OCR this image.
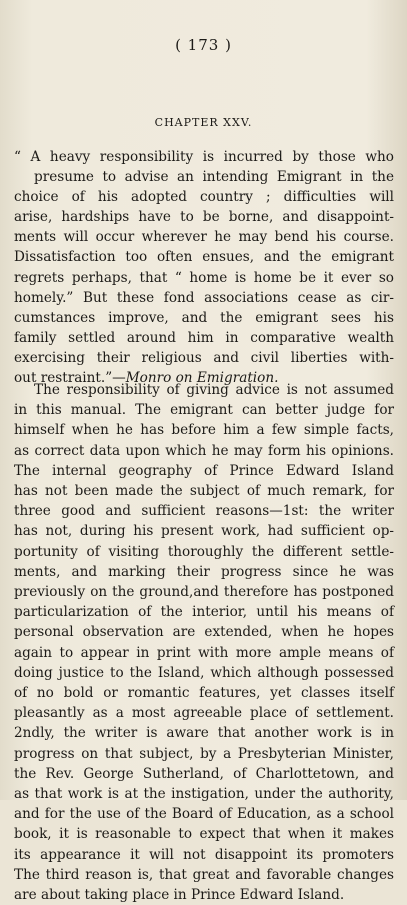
( 173 )
CHAPTER XXV.
“ A heavy responsibility is incurred by those who
presume to advise an intending Emigrant in the
choice of his adopted country ; difficulties will
arise, hardships have to be borne, and disappoint-
ments will occur wherever he may bend his course.
Dissatisfaction too often ensues, and the emigrant
regrets perhaps, that “ home is home be it ever so
homely.” But these fond associations cease as cir-
cumstances improve, and the emigrant sees his
family settled around him in comparative wealth
exercising their religious and civil liberties with-
out restraint.”—Monro on Emigration.
The responsibility of giving advice is not assumed
in this manual. The emigrant can better judge for
himself when he has before him a few simple facts,
as correct data upon which he may form his opinions.
The internal geography of Prince Edward Island
has not been made the subject of much remark, for
three good and sufficient reasons—1st: the writer
has not, during his present work, had sufficient op-
portunity of visiting thoroughly the different settle-
ments, and marking their progress since he was
previously on the ground,and therefore has postponed
particularization of the interior, until his means of
personal observation are extended, when he hopes
again to appear in print with more ample means of
doing justice to the Island, which although possessed
of no bold or romantic features, yet classes itself
pleasantly as a most agreeable place of settlement.
2ndly, the writer is aware that another work is in
progress on that subject, by a Presbyterian Minister,
the Rev. George Sutherland, of Charlottetown, and
as that work is at the instigation, under the authority,
and for the use of the Board of Education, as a school
book, it is reasonable to expect that when it makes
its appearance it will not disappoint its promoters
The third reason is, that great and favorable changes
are about taking place in Prince Edward Island.
